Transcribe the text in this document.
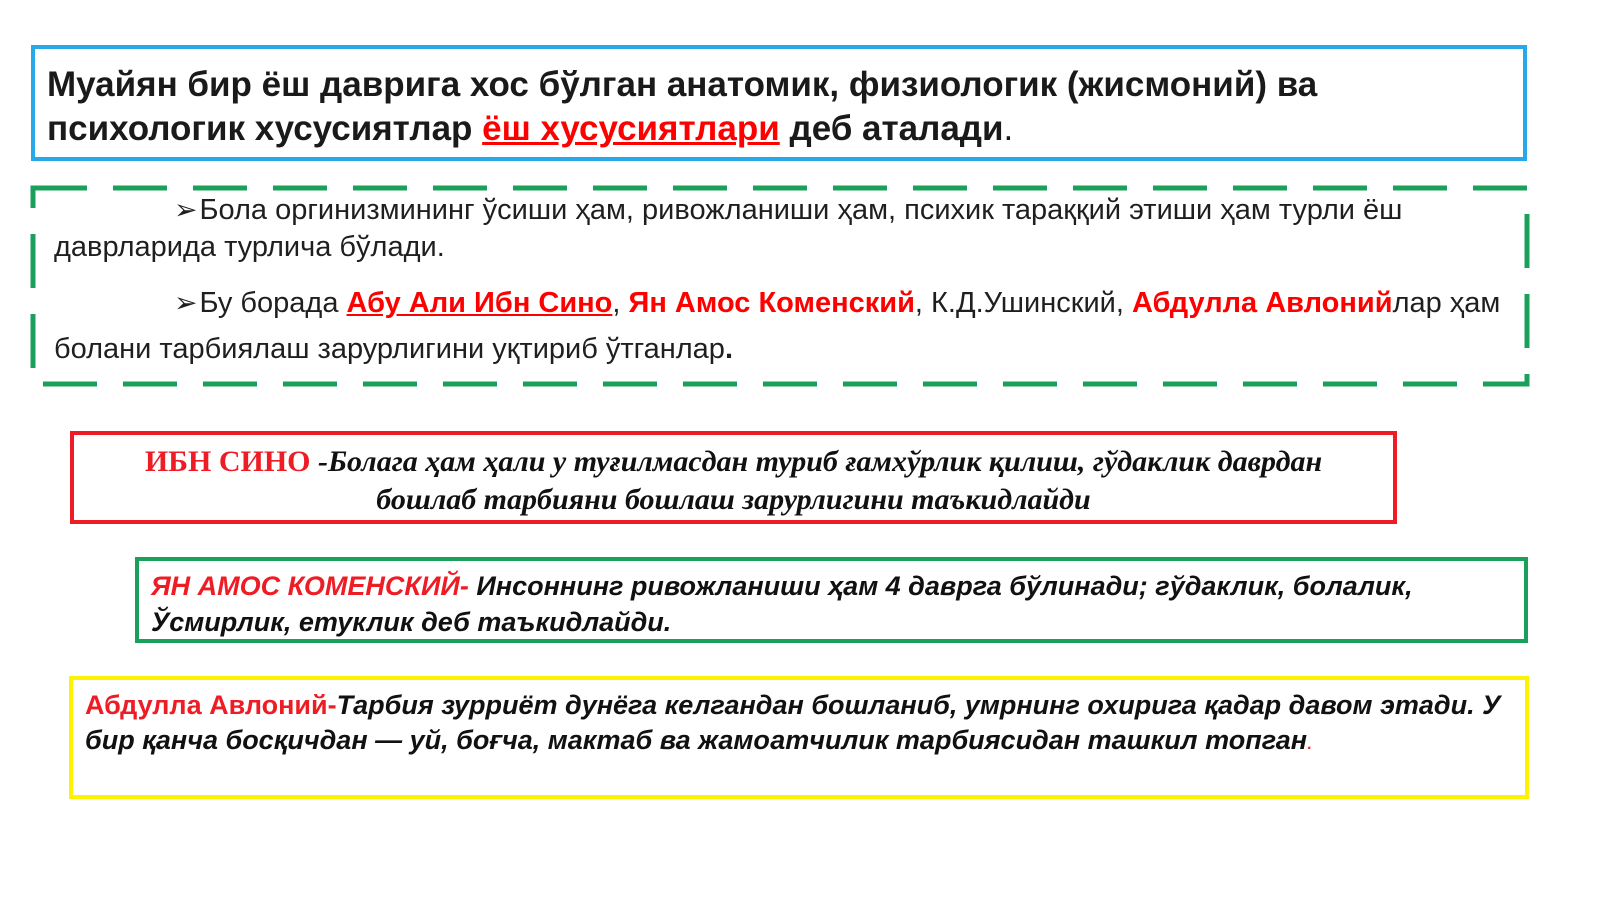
Муайян бир ёш даврига хос бўлган анатомик, физиологик (жисмоний) ва
психологик хусусиятлар ёш хусусиятлари деб аталади.
➢Бола оргинизмининг ўсиши ҳам, ривожланиши ҳам, психик тараққий этиши ҳам турли ёш даврларида турлича бўлади.
➢Бу борада Абу Али Ибн Сино, Ян Амос Коменский, К.Д.Ушинский, Абдулла Авлонийлар ҳам болани тарбиялаш зарурлигини уқтириб ўтганлар.
ИБН СИНО -Болага ҳам ҳали у туғилмасдан туриб ғамхўрлик қилиш, гўдаклик даврдан бошлаб тарбияни бошлаш зарурлигини таъкидлайди
ЯН АМОС КОМЕНСКИЙ- Инсоннинг ривожланиши ҳам 4 даврга бўлинади; гўдаклик, болалик, Ўсмирлик, етуклик деб таъкидлайди.
Абдулла Авлоний-Тарбия зурриёт дунёга келгандан бошланиб, умрнинг охирига қадар давом этади. У бир қанча босқичдан — уй, боғча, мактаб ва жамоатчилик тарбиясидан ташкил топган.
